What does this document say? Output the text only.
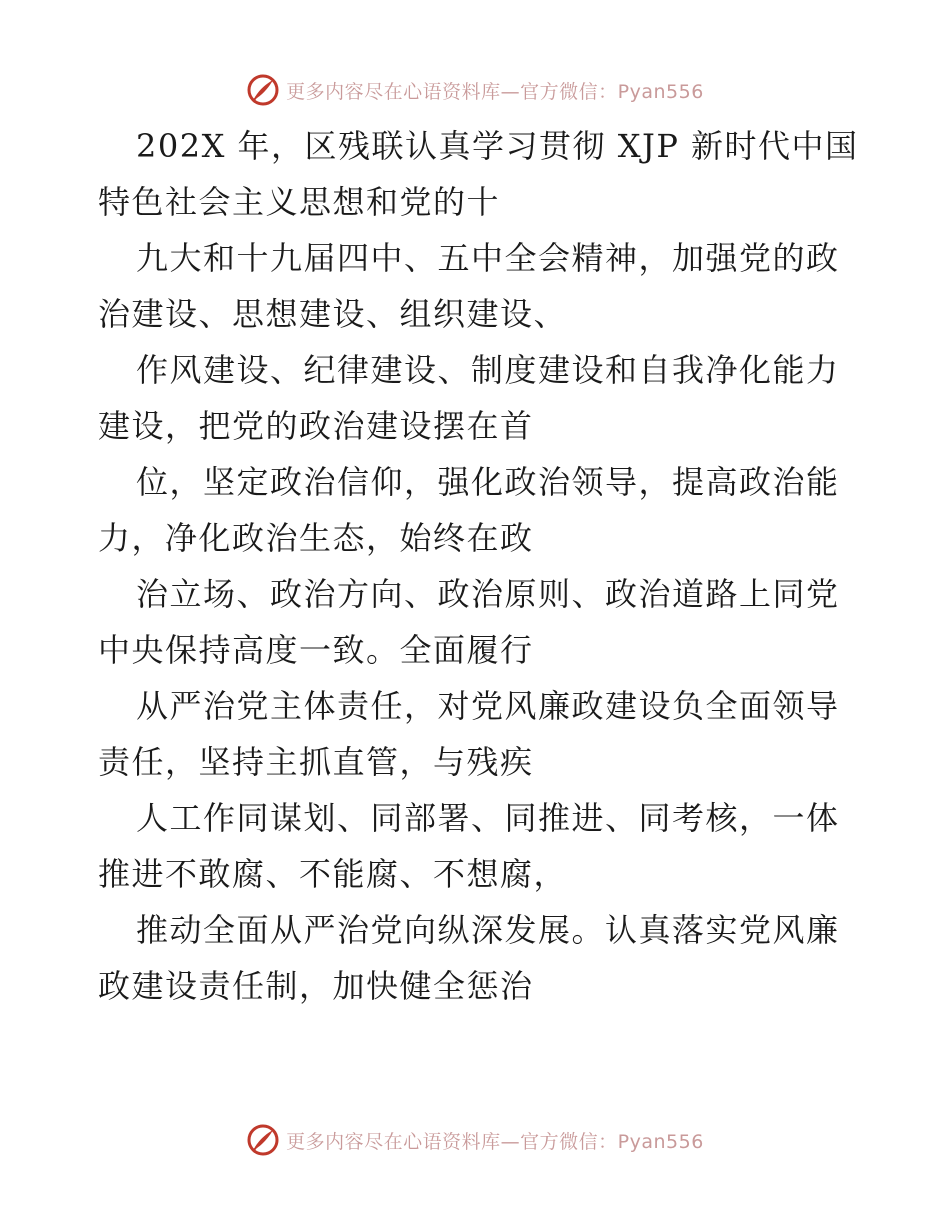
更多内容尽在心语资料库—官方微信：Pyan556

202X 年，区残联认真学习贯彻 XJP 新时代中国
特色社会主义思想和党的十

九大和十九届四中、五中全会精神，加强党的政
治建设、思想建设、组织建设、

作风建设、纪律建设、制度建设和自我净化能力
建设，把党的政治建设摆在首

位，坚定政治信仰，强化政治领导，提高政治能
力，净化政治生态，始终在政

治立场、政治方向、政治原则、政治道路上同党
中央保持高度一致。全面履行

从严治党主体责任，对党风廉政建设负全面领导
责任，坚持主抓直管，与残疾

人工作同谋划、同部署、同推进、同考核，一体
推进不敢腐、不能腐、不想腐，

推动全面从严治党向纵深发展。认真落实党风廉
政建设责任制，加快健全惩治

更多内容尽在心语资料库—官方微信：Pyan556
